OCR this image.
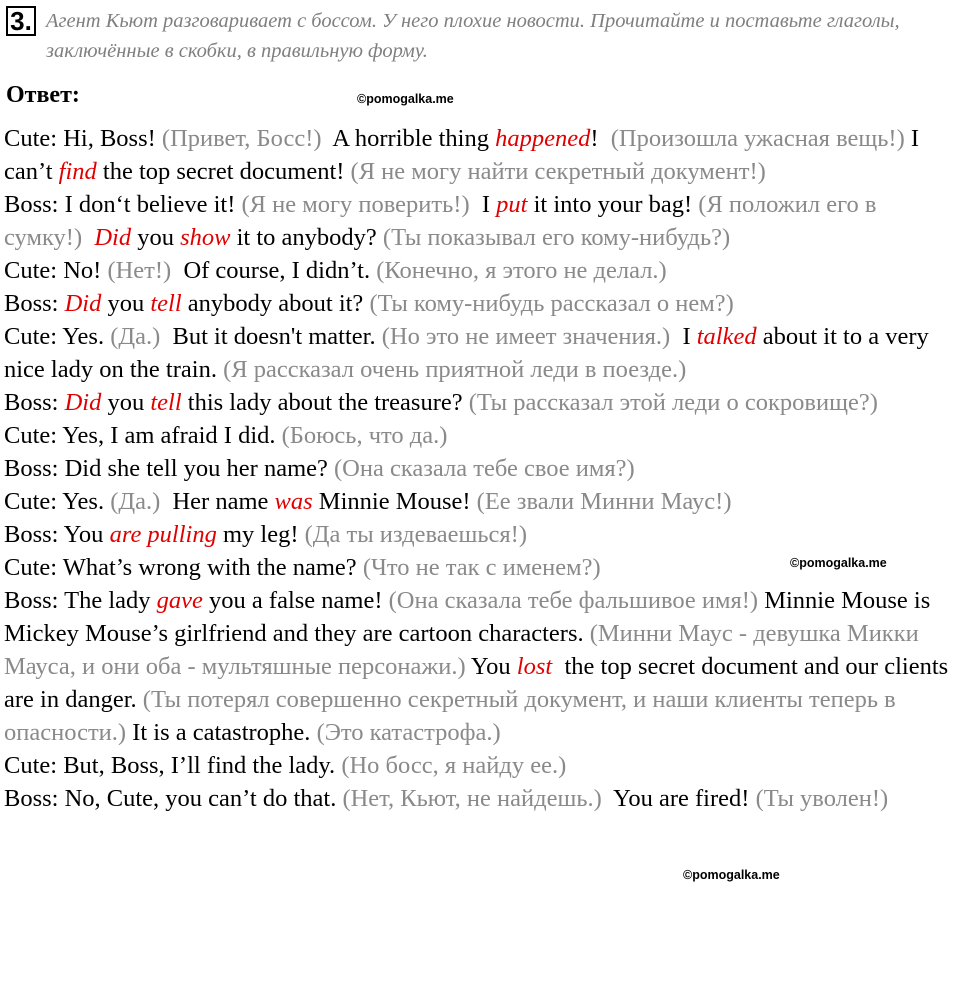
3. Агент Кьют разговаривает с боссом. У него плохие новости. Прочитайте и поставьте глаголы, заключённые в скобки, в правильную форму.
Ответ:	©pomogalka.me
©pomogalka.me
©pomogalka.me

Cute: Hi, Boss! (Привет, Босс!)  A horrible thing happened!  (Произошла ужасная вещь!) I can’t find the top secret document! (Я не могу найти секретный документ!)

Boss: I don‘t believe it! (Я не могу поверить!)  I put it into your bag! (Я положил его в сумку!) Did you show it to anybody? (Ты показывал его кому-нибудь?)

Cute: No! (Нет!)  Of course, I didn’t. (Конечно, я этого не делал.)

Boss: Did you tell anybody about it? (Ты кому-нибудь рассказал о нем?)

Cute: Yes. (Да.)  But it doesn't matter. (Но это не имеет значения.)  I talked about it to a very nice lady on the train. (Я рассказал очень приятной леди в поезде.)

Boss: Did you tell this lady about the treasure? (Ты рассказал этой леди о сокровище?)

Cute: Yes, I am afraid I did. (Боюсь, что да.)

Boss: Did she tell you her name? (Она сказала тебе свое имя?)

Cute: Yes. (Да.)  Her name was Minnie Mouse! (Ее звали Минни Маус!)

Boss: You are pulling my leg! (Да ты издеваешься!)

Cute: What’s wrong with the name? (Что не так с именем?)

Boss: The lady gave you a false name! (Она сказала тебе фальшивое имя!) Minnie Mouse is Mickey Mouse’s girlfriend and they are cartoon characters. (Минни Маус - девушка Микки Мауса, и они оба - мультяшные персонажи.) You lost  the top secret document and our clients are in danger. (Ты потерял совершенно секретный документ, и наши клиенты теперь в опасности.) It is a catastrophe. (Это катастрофа.)

Cute: But, Boss, I’ll find the lady. (Но босс, я найду ее.)

Boss: No, Cute, you can’t do that. (Нет, Кьют, не найдешь.)  You are fired! (Ты уволен!)
